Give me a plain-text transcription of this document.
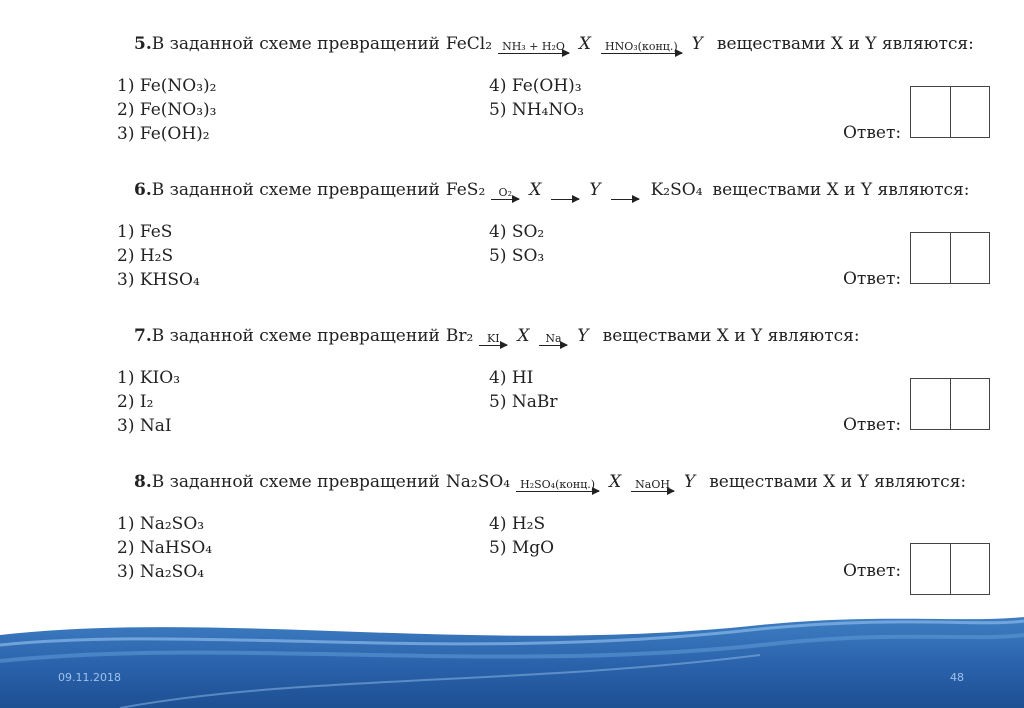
5. В заданной схеме превращений FeCl₂ NH₃ + H₂O X	HNO₃(конц.) Y веществами X и Y являются:
1) Fe(NO₃)₂
2) Fe(NO₃)₃
3) Fe(OH)₂
4) Fe(OH)₃
5) NH₄NO₃
Ответ:
6. В заданной схеме превращений FeS₂	O₂ X → Y → K₂SO₄ веществами X и Y являются:
1) FeS
2) H₂S
3) KHSO₄
4) SO₂
5) SO₃
Ответ:
7. В заданной схеме превращений Br₂	KI X	Na Y веществами X и Y являются:
1) KIO₃
2) I₂
3) NaI
4) HI
5) NaBr
Ответ:
8. В заданной схеме превращений Na₂SO₄ H₂SO₄(конц.) X	NaOH Y веществами X и Y являются:
1) Na₂SO₃
2) NaHSO₄
3) Na₂SO₄
4) H₂S
5) MgO
Ответ:
09.11.2018	48
